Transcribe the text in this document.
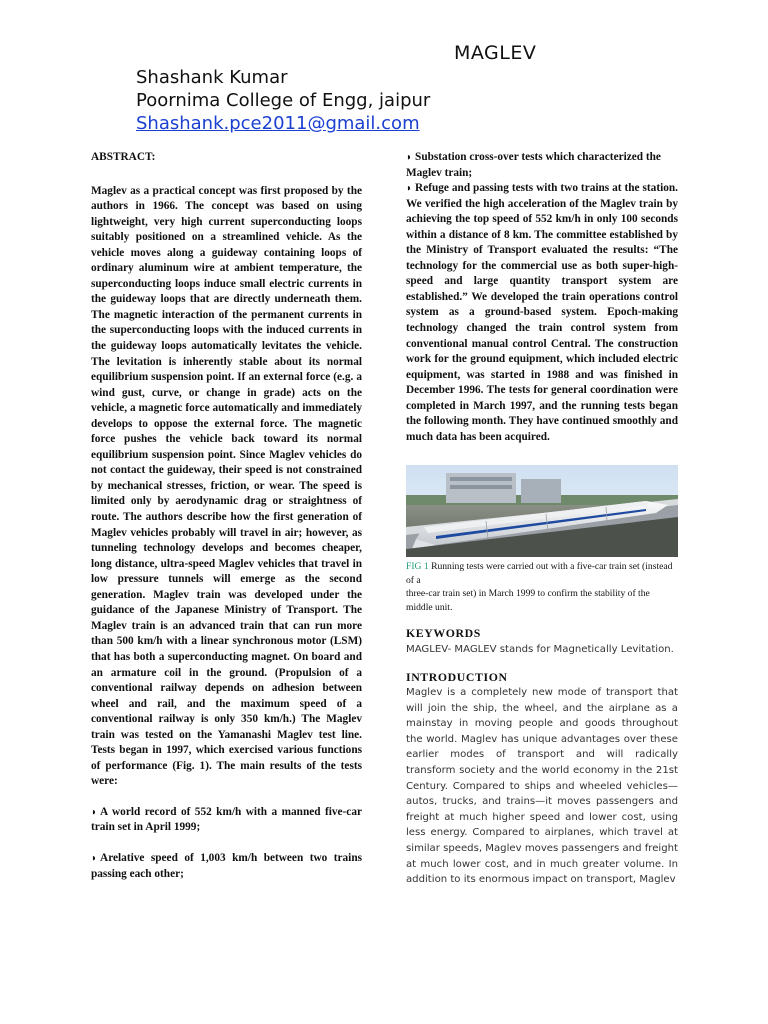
MAGLEV
Shashank Kumar
Poornima College of Engg, jaipur
Shashank.pce2011@gmail.com

ABSTRACT:

Maglev as a practical concept was first proposed by the authors in 1966. The concept was based on using lightweight, very high current superconducting loops suitably positioned on a streamlined vehicle. As the vehicle moves along a guideway containing loops of ordinary aluminum wire at ambient temperature, the superconducting loops induce small electric currents in the guideway loops that are directly underneath them. The magnetic interaction of the permanent currents in the superconducting loops with the induced currents in the guideway loops automatically levitates the vehicle. The levitation is inherently stable about its normal equilibrium suspension point. If an external force (e.g. a wind gust, curve, or change in grade) acts on the vehicle, a magnetic force automatically and immediately develops to oppose the external force. The magnetic force pushes the vehicle back toward its normal equilibrium suspension point. Since Maglev vehicles do not contact the guideway, their speed is not constrained by mechanical stresses, friction, or wear. The speed is limited only by aerodynamic drag or straightness of route. The authors describe how the first generation of Maglev vehicles probably will travel in air; however, as tunneling technology develops and becomes cheaper, long distance, ultra-speed Maglev vehicles that travel in low pressure tunnels will emerge as the second generation. Maglev train was developed under the guidance of the Japanese Ministry of Transport. The Maglev train is an advanced train that can run more than 500 km/h with a linear synchronous motor (LSM) that has both a superconducting magnet. On board and an armature coil in the ground. (Propulsion of a conventional railway depends on adhesion between wheel and rail, and the maximum speed of a conventional railway is only 350 km/h.) The Maglev train was tested on the Yamanashi Maglev test line. Tests began in 1997, which exercised various functions of performance (Fig. 1). The main results of the tests were:

◗ A world record of 552 km/h with a manned five-car train set in April 1999;

◗ Arelative speed of 1,003 km/h between two trains passing each other;

◗ Substation cross-over tests which characterized the

Maglev train;

◗ Refuge and passing tests with two trains at the station. We verified the high acceleration of the Maglev train by achieving the top speed of 552 km/h in only 100 seconds within a distance of 8 km. The committee established by the Ministry of Transport evaluated the results: “The technology for the commercial use as both super-high-speed and large quantity transport system are established.” We developed the train operations control system as a ground-based system. Epoch-making technology changed the train control system from conventional manual control Central. The construction work for the ground equipment, which included electric equipment, was started in 1988 and was finished in December 1996. The tests for general coordination were completed in March 1997, and the running tests began the following month. They have continued smoothly and much data has been acquired.

FIG 1 Running tests were carried out with a five-car train set (instead of a

three-car train set) in March 1999 to confirm the stability of the middle unit.

KEYWORDS

MAGLEV- MAGLEV stands for Magnetically Levitation.

INTRODUCTION

Maglev is a completely new mode of transport that will join the ship, the wheel, and the airplane as a mainstay in moving people and goods throughout the world. Maglev has unique advantages over these earlier modes of transport and will radically transform society and the world economy in the 21st Century. Compared to ships and wheeled vehicles—autos, trucks, and trains—it moves passengers and freight at much higher speed and lower cost, using less energy. Compared to airplanes, which travel at similar speeds, Maglev moves passengers and freight at much lower cost, and in much greater volume. In addition to its enormous impact on transport, Maglev
